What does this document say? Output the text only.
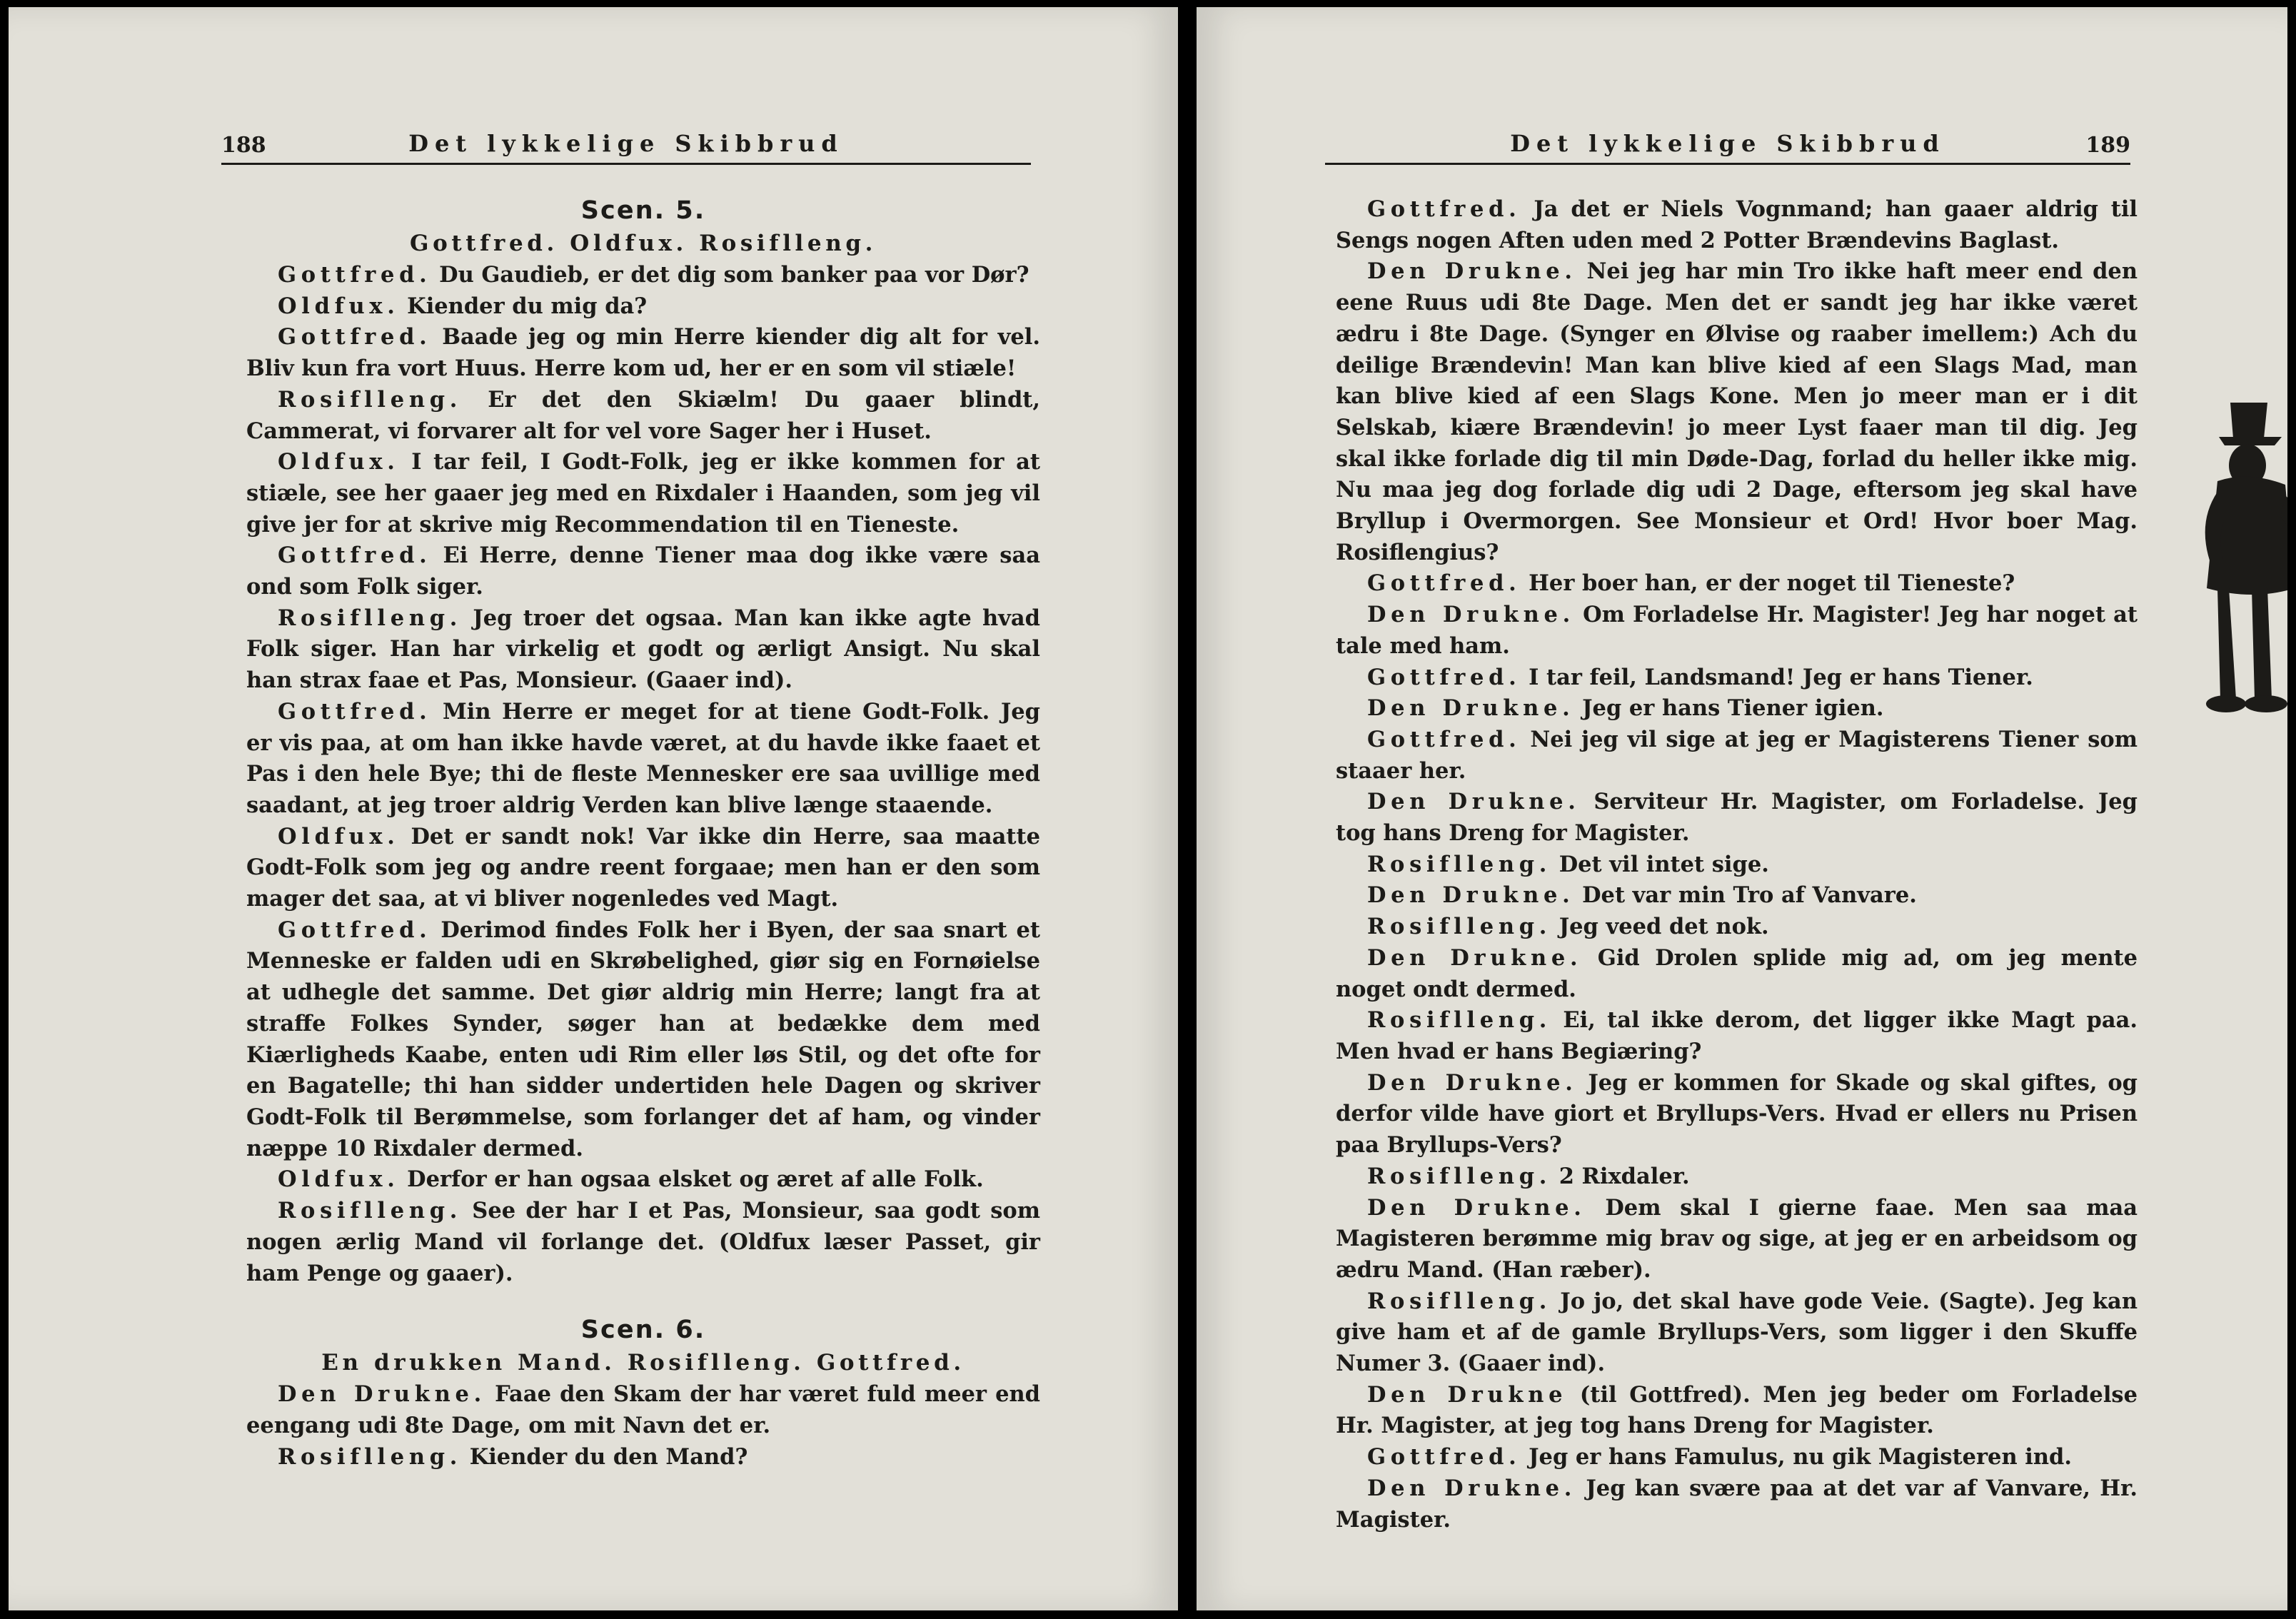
188	Det lykkelige Skibbrud
Scen. 5.
Gottfred. Oldfux. Rosiflleng.

Gottfred. Du Gaudieb, er det dig som banker paa vor Dør?

Oldfux. Kiender du mig da?

Gottfred. Baade jeg og min Herre kiender dig alt for vel. Bliv kun fra vort Huus. Herre kom ud, her er en som vil stiæle!

Rosiflleng. Er det den Skiælm! Du gaaer blindt, Cammerat, vi forvarer alt for vel vore Sager her i Huset.

Oldfux. I tar feil, I Godt-Folk, jeg er ikke kommen for at stiæle, see her gaaer jeg med en Rixdaler i Haanden, som jeg vil give jer for at skrive mig Recommendation til en Tieneste.

Gottfred. Ei Herre, denne Tiener maa dog ikke være saa ond som Folk siger.

Rosiflleng. Jeg troer det ogsaa. Man kan ikke agte hvad Folk siger. Han har virkelig et godt og ærligt Ansigt. Nu skal han strax faae et Pas, Monsieur. (Gaaer ind).

Gottfred. Min Herre er meget for at tiene Godt-Folk. Jeg er vis paa, at om han ikke havde været, at du havde ikke faaet et Pas i den hele Bye; thi de fleste Mennesker ere saa uvillige med saadant, at jeg troer aldrig Verden kan blive længe staaende.

Oldfux. Det er sandt nok! Var ikke din Herre, saa maatte Godt-Folk som jeg og andre reent forgaae; men han er den som mager det saa, at vi bliver nogenledes ved Magt.

Gottfred. Derimod findes Folk her i Byen, der saa snart et Menneske er falden udi en Skrøbelighed, giør sig en Fornøielse at udhegle det samme. Det giør aldrig min Herre; langt fra at straffe Folkes Synder, søger han at bedække dem med Kiærligheds Kaabe, enten udi Rim eller løs Stil, og det ofte for en Bagatelle; thi han sidder undertiden hele Dagen og skriver Godt-Folk til Berømmelse, som forlanger det af ham, og vinder næppe 10 Rixdaler dermed.

Oldfux. Derfor er han ogsaa elsket og æret af alle Folk.

Rosiflleng. See der har I et Pas, Monsieur, saa godt som nogen ærlig Mand vil forlange det. (Oldfux læser Passet, gir ham Penge og gaaer).

Scen. 6.
En drukken Mand. Rosiflleng. Gottfred.

Den Drukne. Faae den Skam der har været fuld meer end eengang udi 8te Dage, om mit Navn det er.

Rosiflleng. Kiender du den Mand?

Det lykkelige Skibbrud	189

Gottfred. Ja det er Niels Vognmand; han gaaer aldrig til Sengs nogen Aften uden med 2 Potter Brændevins Baglast.

Den Drukne. Nei jeg har min Tro ikke haft meer end den eene Ruus udi 8te Dage. Men det er sandt jeg har ikke været ædru i 8te Dage. (Synger en Ølvise og raaber imellem:) Ach du deilige Brændevin! Man kan blive kied af een Slags Mad, man kan blive kied af een Slags Kone. Men jo meer man er i dit Selskab, kiære Brændevin! jo meer Lyst faaer man til dig. Jeg skal ikke forlade dig til min Døde-Dag, forlad du heller ikke mig. Nu maa jeg dog forlade dig udi 2 Dage, eftersom jeg skal have Bryllup i Overmorgen. See Monsieur et Ord! Hvor boer Mag. Rosiflengius?

Gottfred. Her boer han, er der noget til Tieneste?

Den Drukne. Om Forladelse Hr. Magister! Jeg har noget at tale med ham.

Gottfred. I tar feil, Landsmand! Jeg er hans Tiener.

Den Drukne. Jeg er hans Tiener igien.

Gottfred. Nei jeg vil sige at jeg er Magisterens Tiener som staaer her.

Den Drukne. Serviteur Hr. Magister, om Forladelse. Jeg tog hans Dreng for Magister.

Rosiflleng. Det vil intet sige.

Den Drukne. Det var min Tro af Vanvare.

Rosiflleng. Jeg veed det nok.

Den Drukne. Gid Drolen splide mig ad, om jeg mente noget ondt dermed.

Rosiflleng. Ei, tal ikke derom, det ligger ikke Magt paa. Men hvad er hans Begiæring?

Den Drukne. Jeg er kommen for Skade og skal giftes, og derfor vilde have giort et Bryllups-Vers. Hvad er ellers nu Prisen paa Bryllups-Vers?

Rosiflleng. 2 Rixdaler.

Den Drukne. Dem skal I gierne faae. Men saa maa Magisteren berømme mig brav og sige, at jeg er en arbeidsom og ædru Mand. (Han ræber).

Rosiflleng. Jo jo, det skal have gode Veie. (Sagte). Jeg kan give ham et af de gamle Bryllups-Vers, som ligger i den Skuffe Numer 3. (Gaaer ind).

Den Drukne (til Gottfred). Men jeg beder om Forladelse Hr. Magister, at jeg tog hans Dreng for Magister.

Gottfred. Jeg er hans Famulus, nu gik Magisteren ind.

Den Drukne. Jeg kan svære paa at det var af Vanvare, Hr. Magister.
